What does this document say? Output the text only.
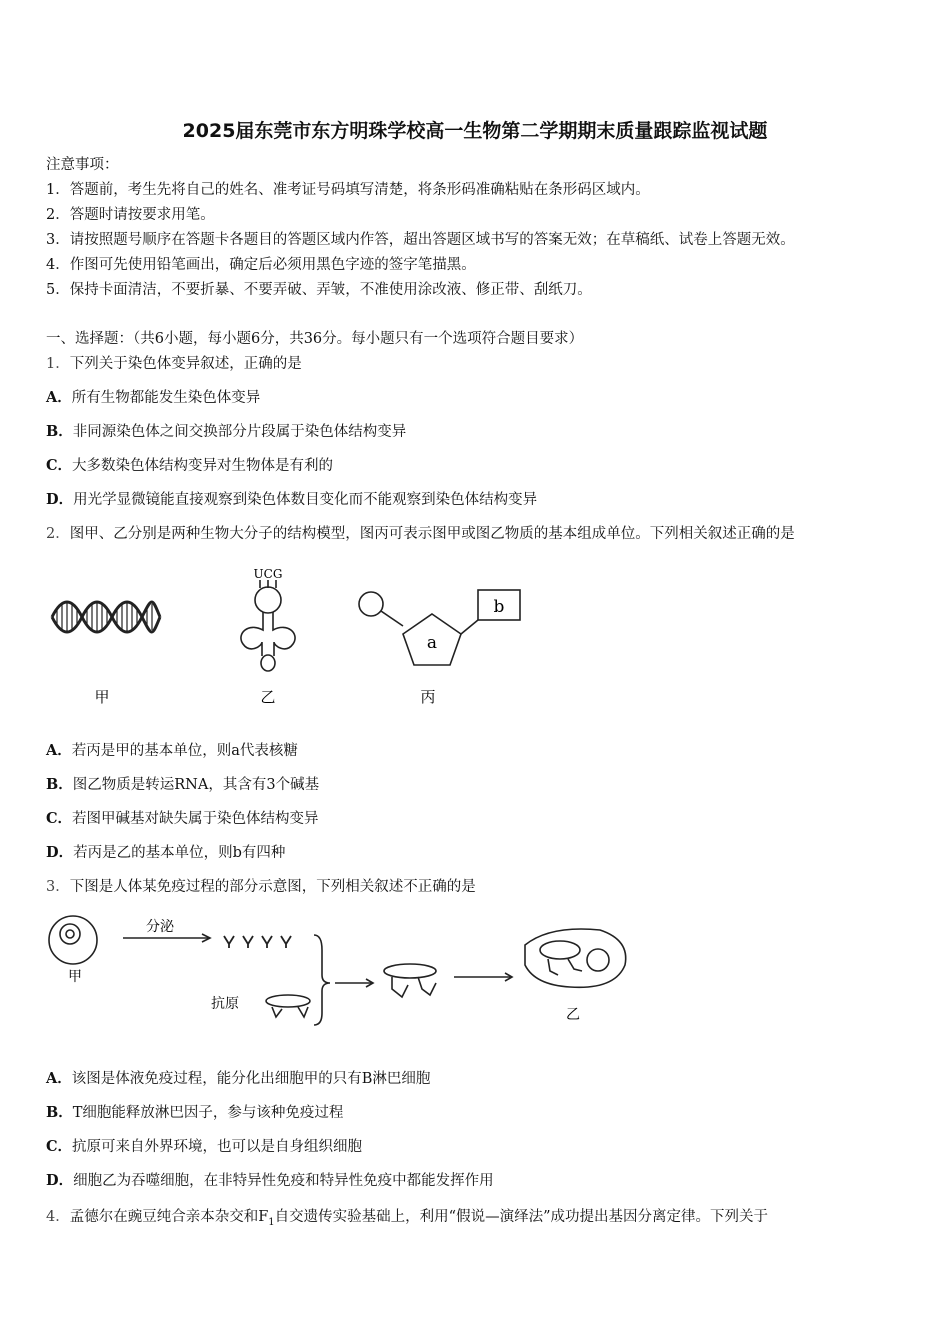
2025届东莞市东方明珠学校高一生物第二学期期末质量跟踪监视试题
注意事项：
1．答题前，考生先将自己的姓名、准考证号码填写清楚，将条形码准确粘贴在条形码区域内。
2．答题时请按要求用笔。
3．请按照题号顺序在答题卡各题目的答题区域内作答，超出答题区域书写的答案无效；在草稿纸、试卷上答题无效。
4．作图可先使用铅笔画出，确定后必须用黑色字迹的签字笔描黑。
5．保持卡面清洁，不要折暴、不要弄破、弄皱，不准使用涂改液、修正带、刮纸刀。
一、选择题：（共6小题，每小题6分，共36分。每小题只有一个选项符合题目要求）
1．下列关于染色体变异叙述，正确的是
A．所有生物都能发生染色体变异
B．非同源染色体之间交换部分片段属于染色体结构变异
C．大多数染色体结构变异对生物体是有利的
D．用光学显微镜能直接观察到染色体数目变化而不能观察到染色体结构变异
2．图甲、乙分别是两种生物大分子的结构模型，图丙可表示图甲或图乙物质的基本组成单位。下列相关叙述正确的是
甲
UCG
乙
a
b
丙
A．若丙是甲的基本单位，则a代表核糖
B．图乙物质是转运RNA，其含有3个碱基
C．若图甲碱基对缺失属于染色体结构变异
D．若丙是乙的基本单位，则b有四种
3．下图是人体某免疫过程的部分示意图，下列相关叙述不正确的是
甲
分泌
抗原
乙
A．该图是体液免疫过程，能分化出细胞甲的只有B淋巴细胞
B．T细胞能释放淋巴因子，参与该种免疫过程
C．抗原可来自外界环境，也可以是自身组织细胞
D．细胞乙为吞噬细胞，在非特异性免疫和特异性免疫中都能发挥作用
4．孟德尔在豌豆纯合亲本杂交和$F_1$自交遗传实验基础上，利用“假说—演绎法”成功提出基因分离定律。下列关于
